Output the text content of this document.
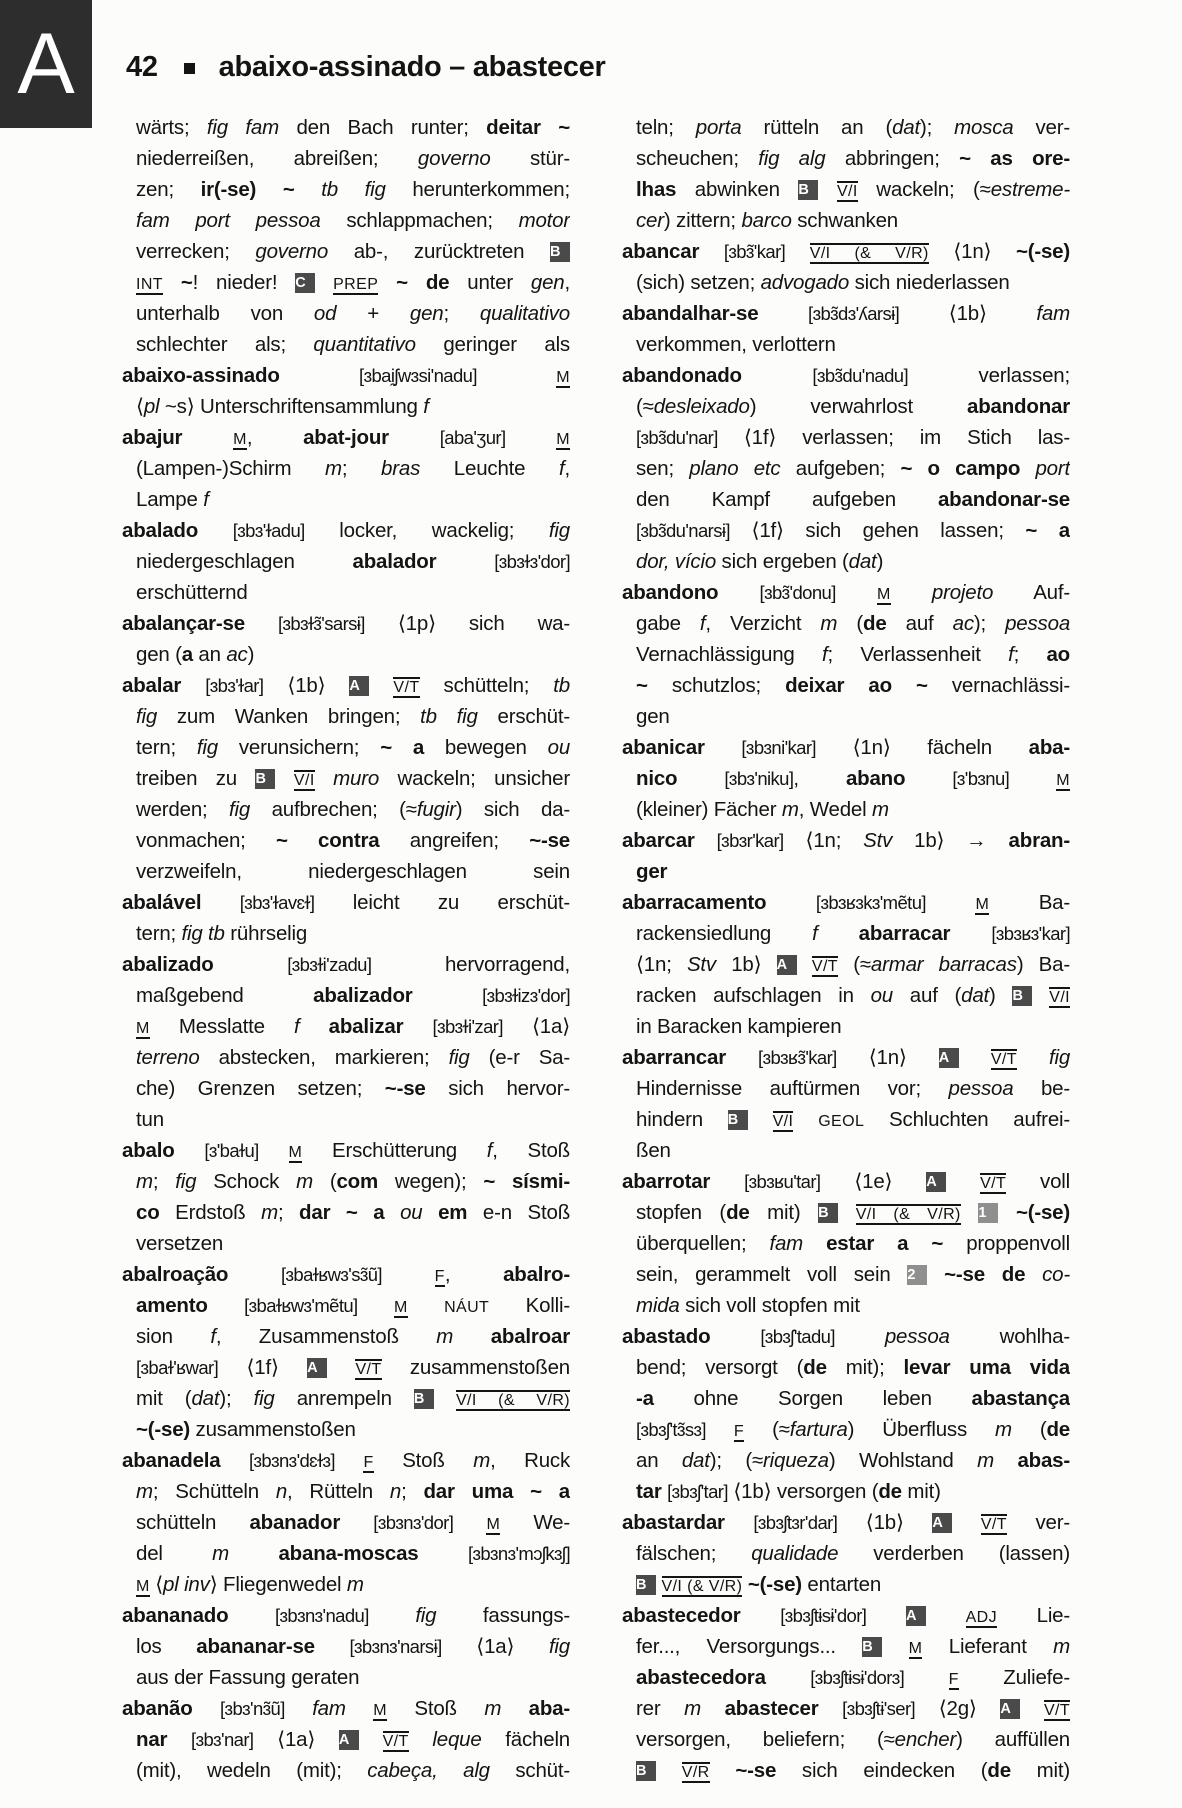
A	42 abaixo-assinado – abastecer
wärts; fig fam den Bach runter; deitar ~
niederreißen, abreißen; governo stür-
zen; ir(-se) ~ tb fig herunterkommen;
fam port pessoa schlappmachen; motor
verrecken; governo ab-, zurücktreten B
INT ~! nieder! C PREP ~ de unter gen,
unterhalb von od + gen; qualitativo
schlechter als; quantitativo geringer als
abaixo-assinado	[ɜbai̯ʃwɜsi'nadu]	M
⟨pl ~s⟩ Unterschriftensammlung f
abajur	M, abat-jour	[aba'ʒur]	M
(Lampen-)Schirm m; bras Leuchte f,
Lampe f
abalado [ɜbɜ'ɫadu] locker, wackelig; fig
niedergeschlagen abalador	[ɜbɜɫɜ'dor]
erschütternd
abalançar-se [ɜbɜɫɜ̃'sarsɨ] ⟨1p⟩ sich wa-
gen (a an ac)
abalar [ɜbɜ'ɫar] ⟨1b⟩ A V/T schütteln; tb
fig zum Wanken bringen; tb fig erschüt-
tern; fig verunsichern; ~ a bewegen ou
treiben zu B V/I muro wackeln; unsicher
werden; fig aufbrechen; (≈fugir) sich da-
vonmachen; ~ contra angreifen; ~-se
verzweifeln, niedergeschlagen sein
abalável [ɜbɜ'ɫavɛɫ] leicht zu erschüt-
tern; fig tb rührselig
abalizado	[ɜbɜɫi'zadu] hervorragend,
maßgebend abalizador	[ɜbɜɫizɜ'dor]
M Messlatte f abalizar [ɜbɜɫi'zar] ⟨1a⟩
terreno abstecken, markieren; fig (e-r Sa-
che) Grenzen setzen; ~-se sich hervor-
tun
abalo [ɜ'baɫu] M Erschütterung f, Stoß
m; fig Schock m (com wegen); ~ sísmi-
co Erdstoß m; dar ~ a ou em e-n Stoß
versetzen
abalroação	[ɜbaɫʁwɜ'sɜ̃ũ]	F, abalro-
amento [ɜbaɫʁwɜ'mẽtu] M NÁUT Kolli-
sion f, Zusammenstoß m abalroar
[ɜbaɫ'ʁwar] ⟨1f⟩ A V/T zusammenstoßen
mit (dat); fig anrempeln B V/I (& V/R)
~(-se) zusammenstoßen
abanadela [ɜbɜnɜ'dɛɫɜ] F Stoß m, Ruck
m; Schütteln n, Rütteln n; dar uma ~ a
schütteln abanador [ɜbɜnɜ'dor] M We-
del m abana-moscas	[ɜbɜnɜ'mɔʃkɜʃ]
M ⟨pl inv⟩ Fliegenwedel m
abananado	[ɜbɜnɜ'nadu] fig fassungs-
los abananar-se [ɜbɜnɜ'narsɨ] ⟨1a⟩ fig
aus der Fassung geraten
abanão [ɜbɜ'nɜ̃ũ] fam M Stoß m aba-
nar [ɜbɜ'nar] ⟨1a⟩ A V/T leque fächeln
(mit), wedeln (mit); cabeça, alg schüt-
teln; porta rütteln an (dat); mosca ver-
scheuchen; fig alg abbringen; ~ as ore-
lhas abwinken B V/I wackeln; (≈estreme-
cer) zittern; barco schwanken
abancar [ɜbɜ̃'kar] V/I (& V/R) ⟨1n⟩ ~(-se)
(sich) setzen; advogado sich niederlassen
abandalhar-se	[ɜbɜ̃dɜ'ʎarsɨ] ⟨1b⟩ fam
verkommen, verlottern
abandonado	[ɜbɜ̃du'nadu] verlassen;
(≈desleixado) verwahrlost abandonar
[ɜbɜ̃du'nar] ⟨1f⟩ verlassen; im Stich las-
sen; plano etc aufgeben; ~ o campo port
den Kampf aufgeben abandonar-se
[ɜbɜ̃du'narsɨ] ⟨1f⟩ sich gehen lassen; ~ a
dor, vício sich ergeben (dat)
abandono [ɜbɜ̃'donu]	M projeto Auf-
gabe f, Verzicht m (de auf ac); pessoa
Vernachlässigung f; Verlassenheit f; ao
~ schutzlos; deixar ao ~ vernachlässi-
gen
abanicar [ɜbɜni'kar] ⟨1n⟩ fächeln aba-
nico	[ɜbɜ'niku], abano	[ɜ'bɜnu]	M
(kleiner) Fächer m, Wedel m
abarcar [ɜbɜr'kar] ⟨1n; Stv 1b⟩ → abran-
ger
abarracamento	[ɜbɜʁɜkɜ'mẽtu]	M Ba-
rackensiedlung f abarracar [ɜbɜʁɜ'kar]
⟨1n; Stv 1b⟩ A V/T (≈armar barracas) Ba-
racken aufschlagen in ou auf (dat) B V/I
in Baracken kampieren
abarrancar [ɜbɜʁɜ̃'kar] ⟨1n⟩ A	V/T fig
Hindernisse auftürmen vor; pessoa be-
hindern B V/I GEOL Schluchten aufrei-
ßen
abarrotar [ɜbɜʁu'tar] ⟨1e⟩ A	V/T voll
stopfen (de mit) B V/I (& V/R) 1 ~(-se)
überquellen; fam estar a ~ proppenvoll
sein, gerammelt voll sein 2 ~-se de co-
mida sich voll stopfen mit
abastado	[ɜbɜʃ'tadu] pessoa wohlha-
bend; versorgt (de mit); levar uma vida
-a ohne Sorgen leben abastança
[ɜbɜʃ'tɜ̃sɜ] F (≈fartura) Überfluss m (de
an dat); (≈riqueza) Wohlstand m abas-
tar [ɜbɜʃ'tar] ⟨1b⟩ versorgen (de mit)
abastardar [ɜbɜʃtɜr'dar] ⟨1b⟩ A V/T ver-
fälschen; qualidade verderben (lassen)
B V/I (& V/R) ~(-se) entarten
abastecedor [ɜbɜʃtɨsɨ'dor]	A	ADJ Lie-
fer..., Versorgungs... B M Lieferant m
abastecedora [ɜbɜʃtɨsɨ'dorɜ]	F Zuliefe-
rer m abastecer [ɜbɜʃtɨ'ser] ⟨2g⟩ A V/T
versorgen, beliefern; (≈encher) auffüllen
B V/R ~-se sich eindecken (de mit)
